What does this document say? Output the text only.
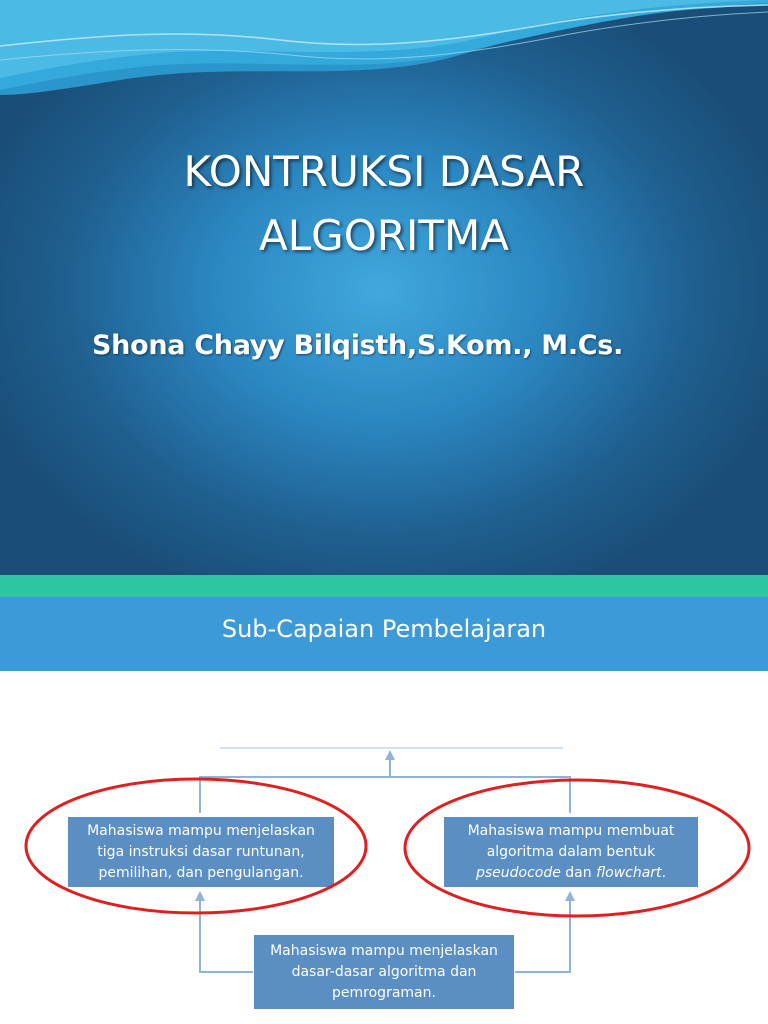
KONTRUKSI DASAR
ALGORITMA

Shona Chayy Bilqisth,S.Kom., M.Cs.

Sub-Capaian Pembelajaran
Mahasiswa mampu menjelaskan
tiga instruksi dasar runtunan,
pemilihan, dan pengulangan.
Mahasiswa mampu membuat
algoritma dalam bentuk
pseudocode dan flowchart.
Mahasiswa mampu menjelaskan
dasar-dasar algoritma dan
pemrograman.
